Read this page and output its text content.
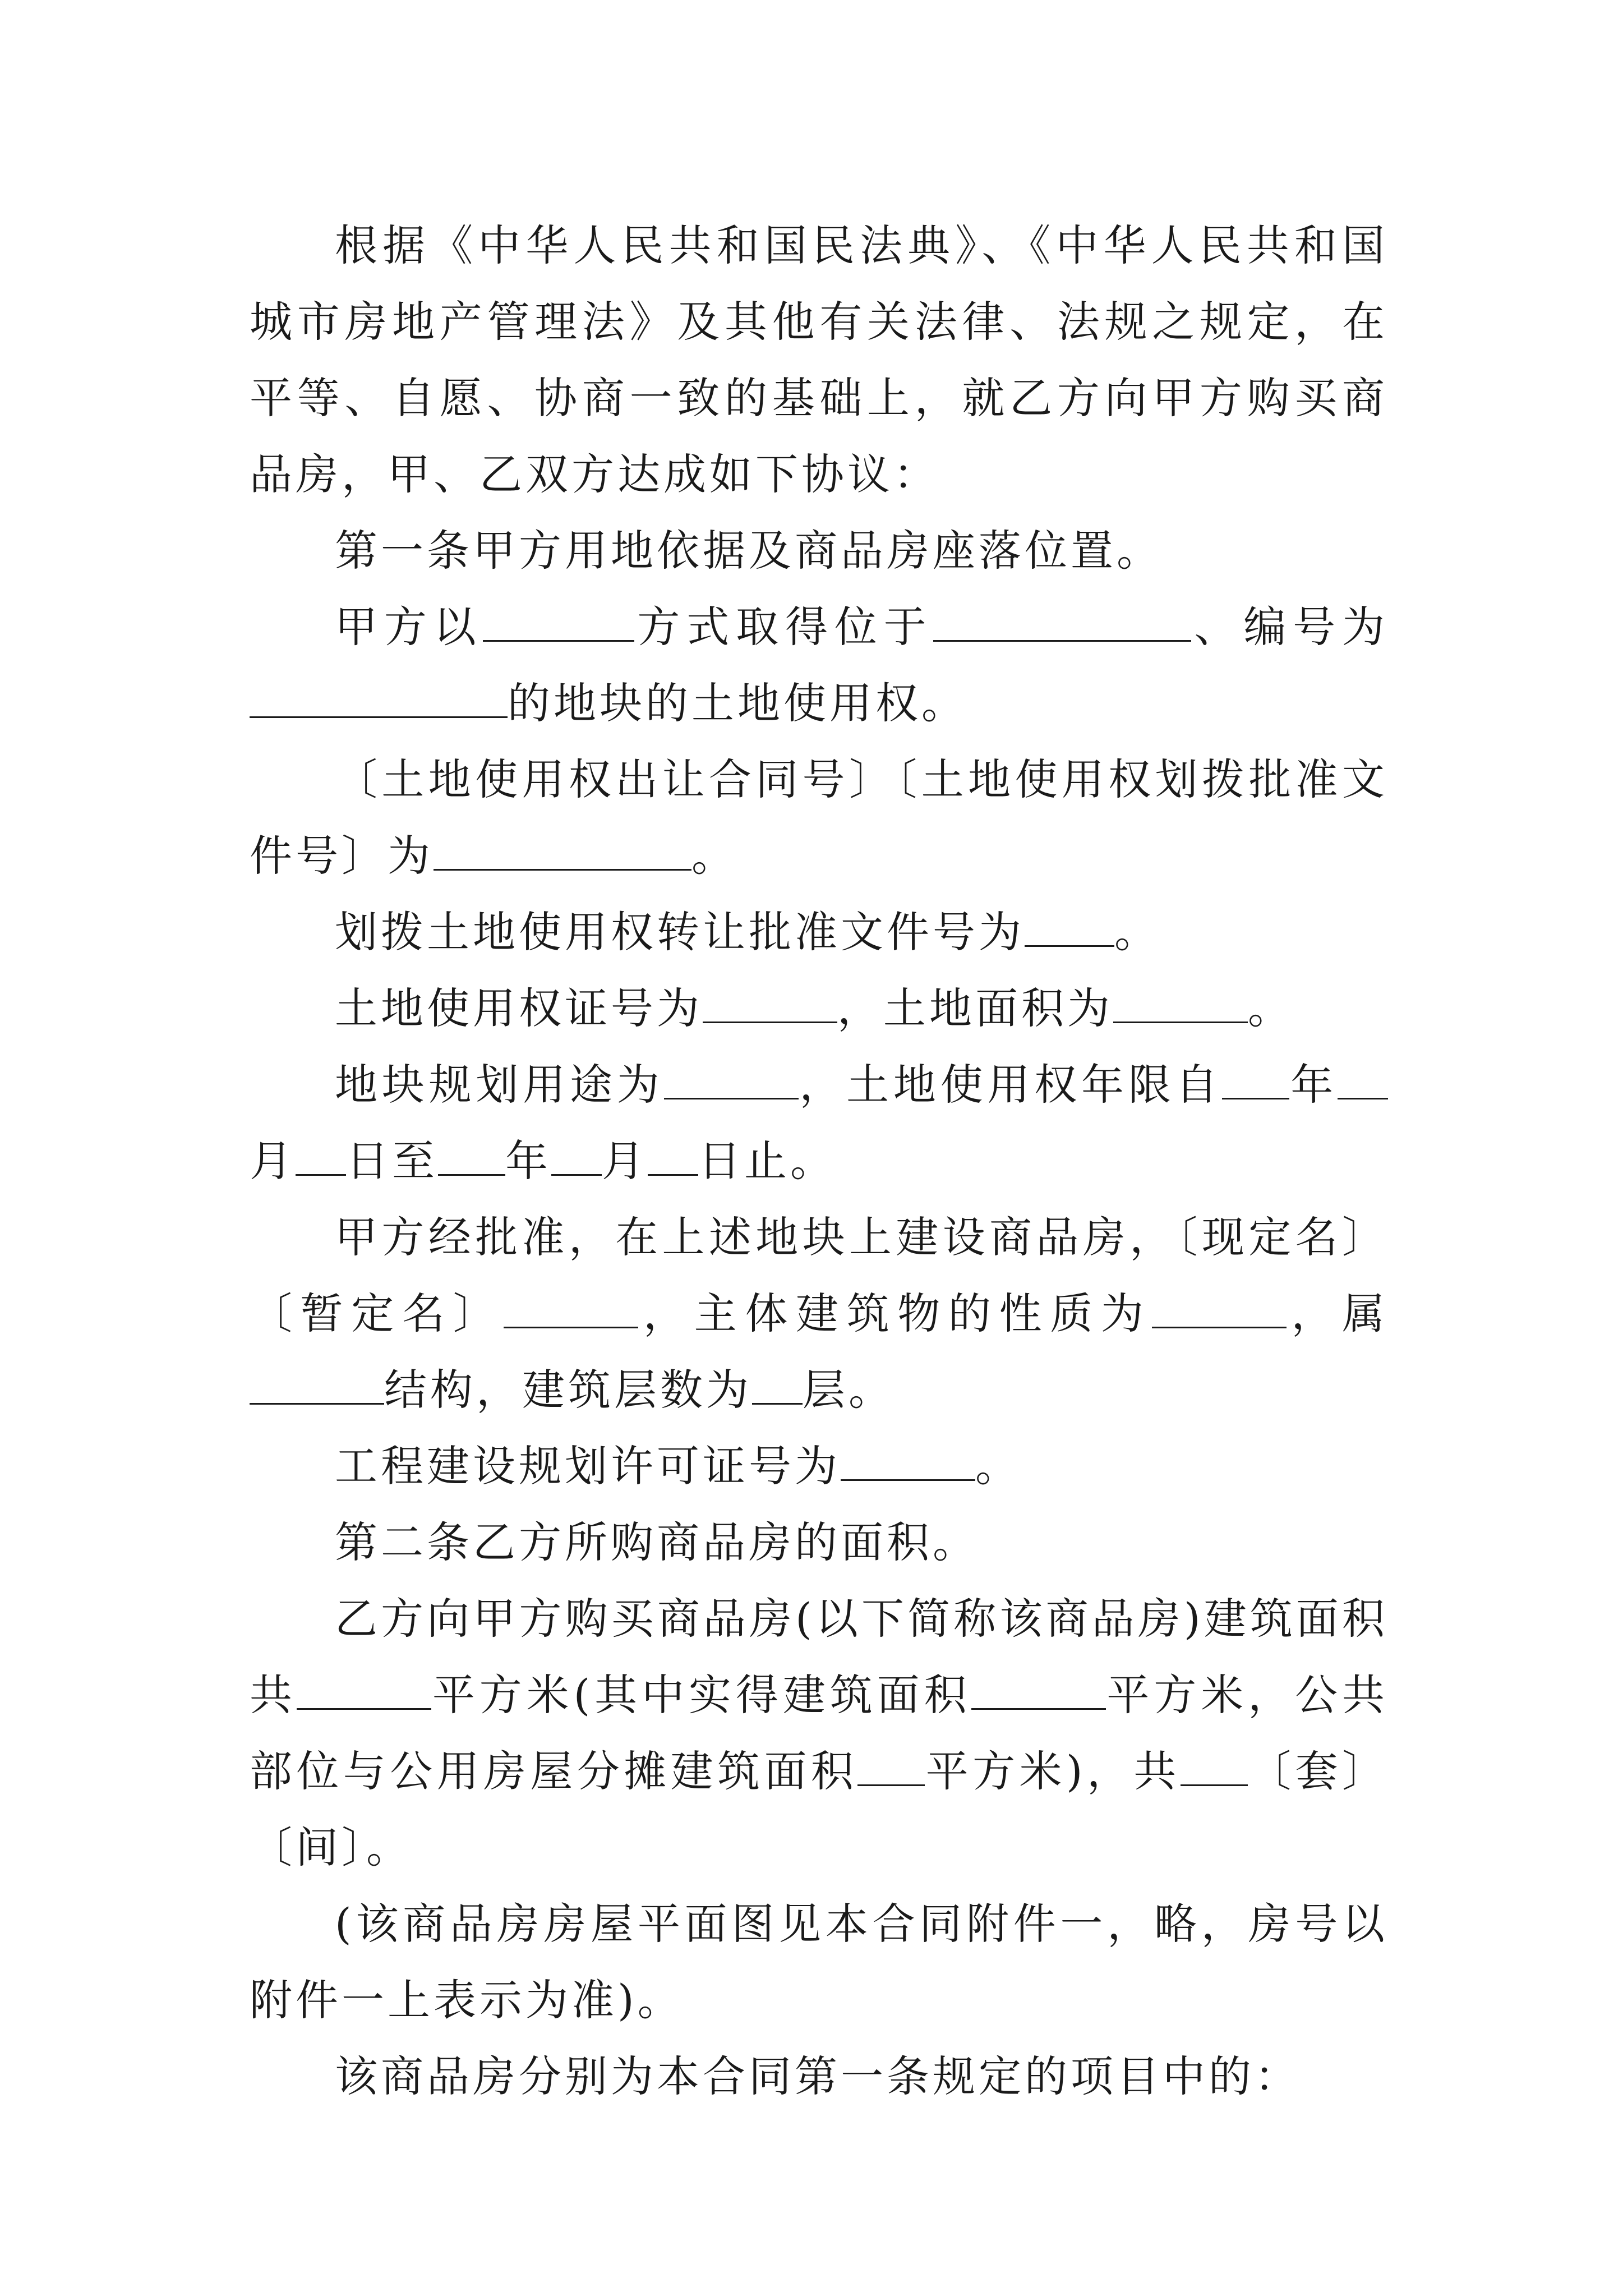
根据《中华人民共和国民法典》、《中华人民共和国城市房地产管理法》及其他有关法律、法规之规定，在平等、自愿、协商一致的基础上，就乙方向甲方购买商品房，甲、乙双方达成如下协议：

第一条甲方用地依据及商品房座落位置。

甲方以	方式取得位于	、编号为的地块的土地使用权。

〔土地使用权出让合同号〕〔土地使用权划拨批准文件号〕为	。

划拨土地使用权转让批准文件号为 。

土地使用权证号为	，土地面积为	。

地块规划用途为	，土地使用权年限自 年月 日至 年 月 日止。

甲方经批准，在上述地块上建设商品房，〔现定名〕〔暂定名〕	，主体建筑物的性质为	，属结构，建筑层数为 层。

工程建设规划许可证号为	。

第二条乙方所购商品房的面积。

乙方向甲方购买商品房(以下简称该商品房)建筑面积共	平方米(其中实得建筑面积	平方米，公共部位与公用房屋分摊建筑面积 平方米)，共 〔套〕〔间〕。

(该商品房房屋平面图见本合同附件一，略，房号以附件一上表示为准)。

该商品房分别为本合同第一条规定的项目中的：
